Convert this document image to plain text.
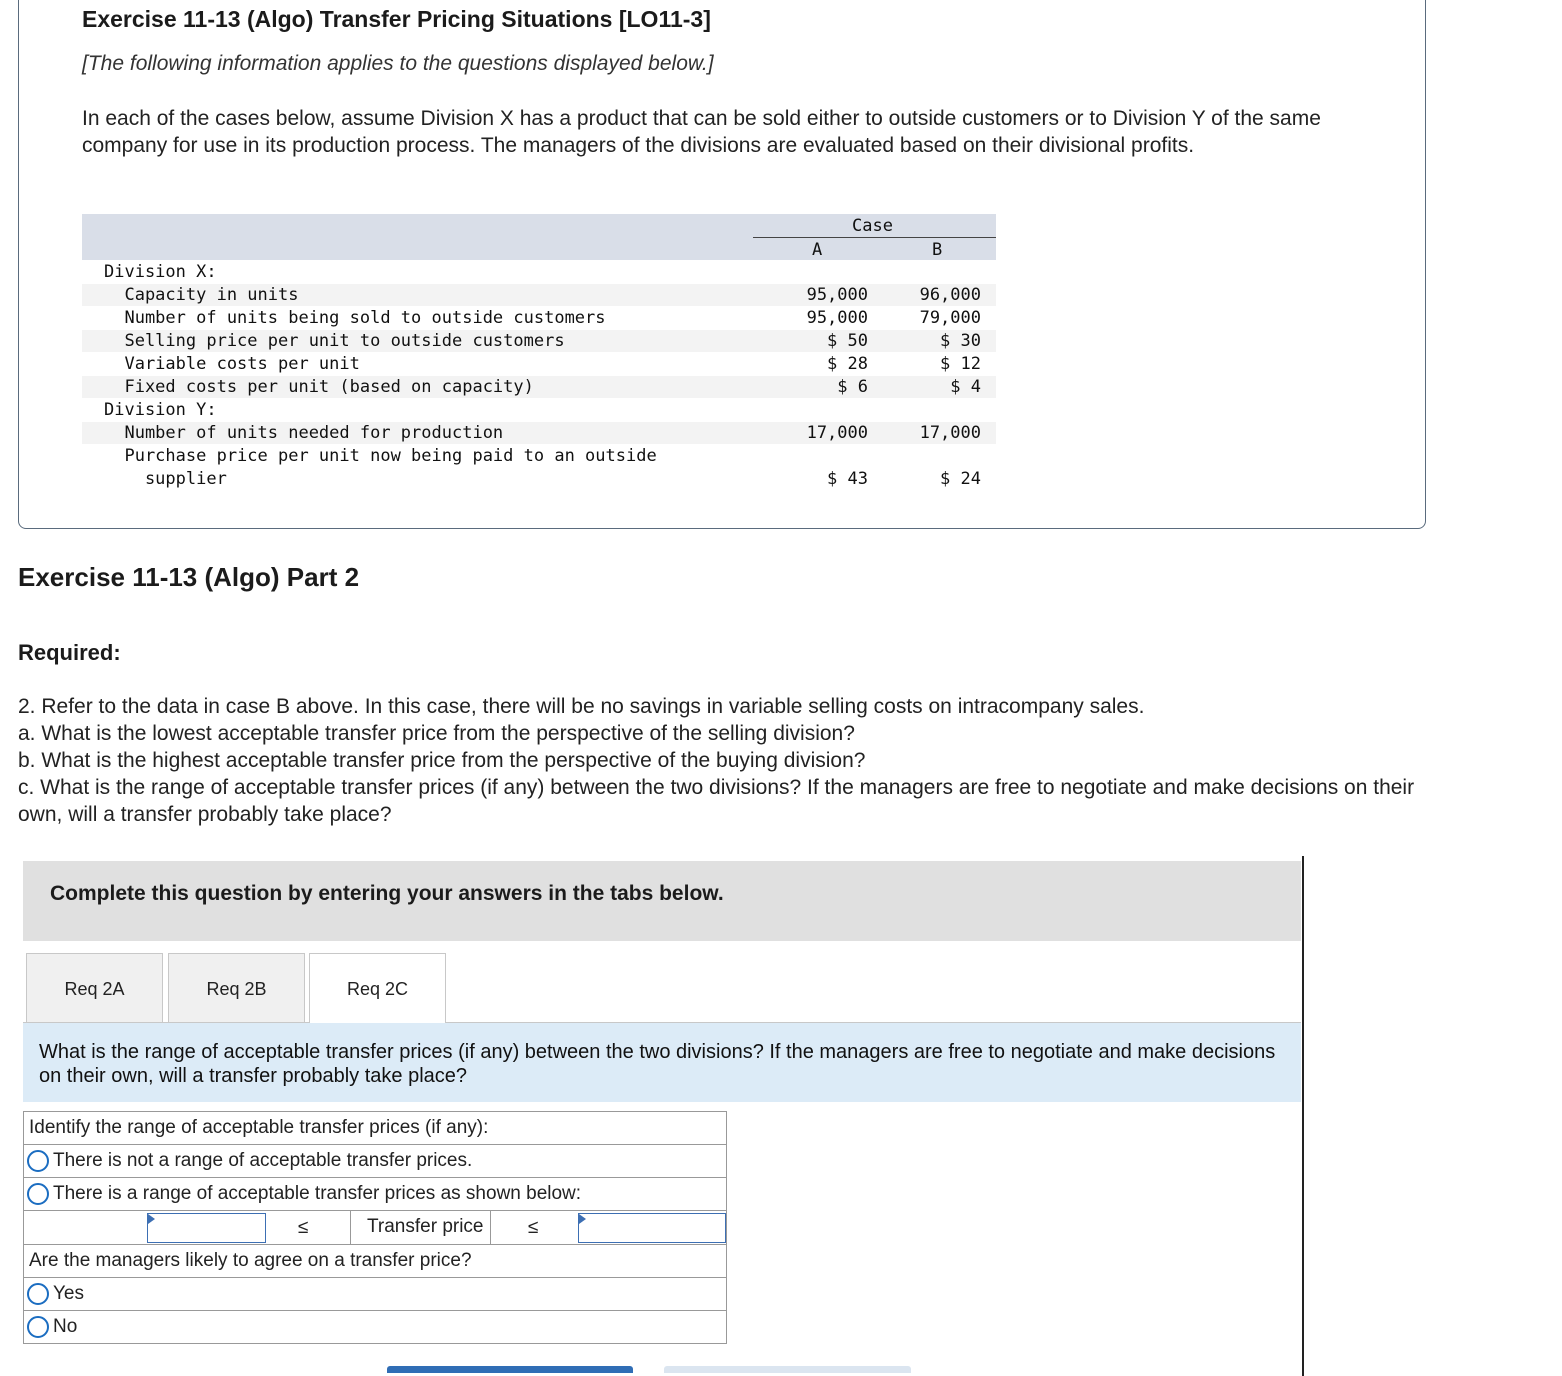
Exercise 11-13 (Algo) Transfer Pricing Situations [LO11-3]
[The following information applies to the questions displayed below.]
In each of the cases below, assume Division X has a product that can be sold either to outside customers or to Division Y of the same company for use in its production process. The managers of the divisions are evaluated based on their divisional profits.
Case
A	B
Division X:
Capacity in units	95,000	96,000
Number of units being sold to outside customers	95,000	79,000
Selling price per unit to outside customers	$ 50	$ 30
Variable costs per unit	$ 28	$ 12
Fixed costs per unit (based on capacity)	$ 6	$ 4
Division Y:
Number of units needed for production	17,000	17,000
Purchase price per unit now being paid to an outside
supplier	$ 43	$ 24
Exercise 11-13 (Algo) Part 2
Required:
2. Refer to the data in case B above. In this case, there will be no savings in variable selling costs on intracompany sales.
a. What is the lowest acceptable transfer price from the perspective of the selling division?
b. What is the highest acceptable transfer price from the perspective of the buying division?
c. What is the range of acceptable transfer prices (if any) between the two divisions? If the managers are free to negotiate and make decisions on their own, will a transfer probably take place?
Complete this question by entering your answers in the tabs below.
Req 2A	Req 2B	Req 2C
What is the range of acceptable transfer prices (if any) between the two divisions? If the managers are free to negotiate and make decisions on their own, will a transfer probably take place?
Identify the range of acceptable transfer prices (if any):
There is not a range of acceptable transfer prices.
There is a range of acceptable transfer prices as shown below:

≤	Transfer price ≤

Are the managers likely to agree on a transfer price?
Yes
No
